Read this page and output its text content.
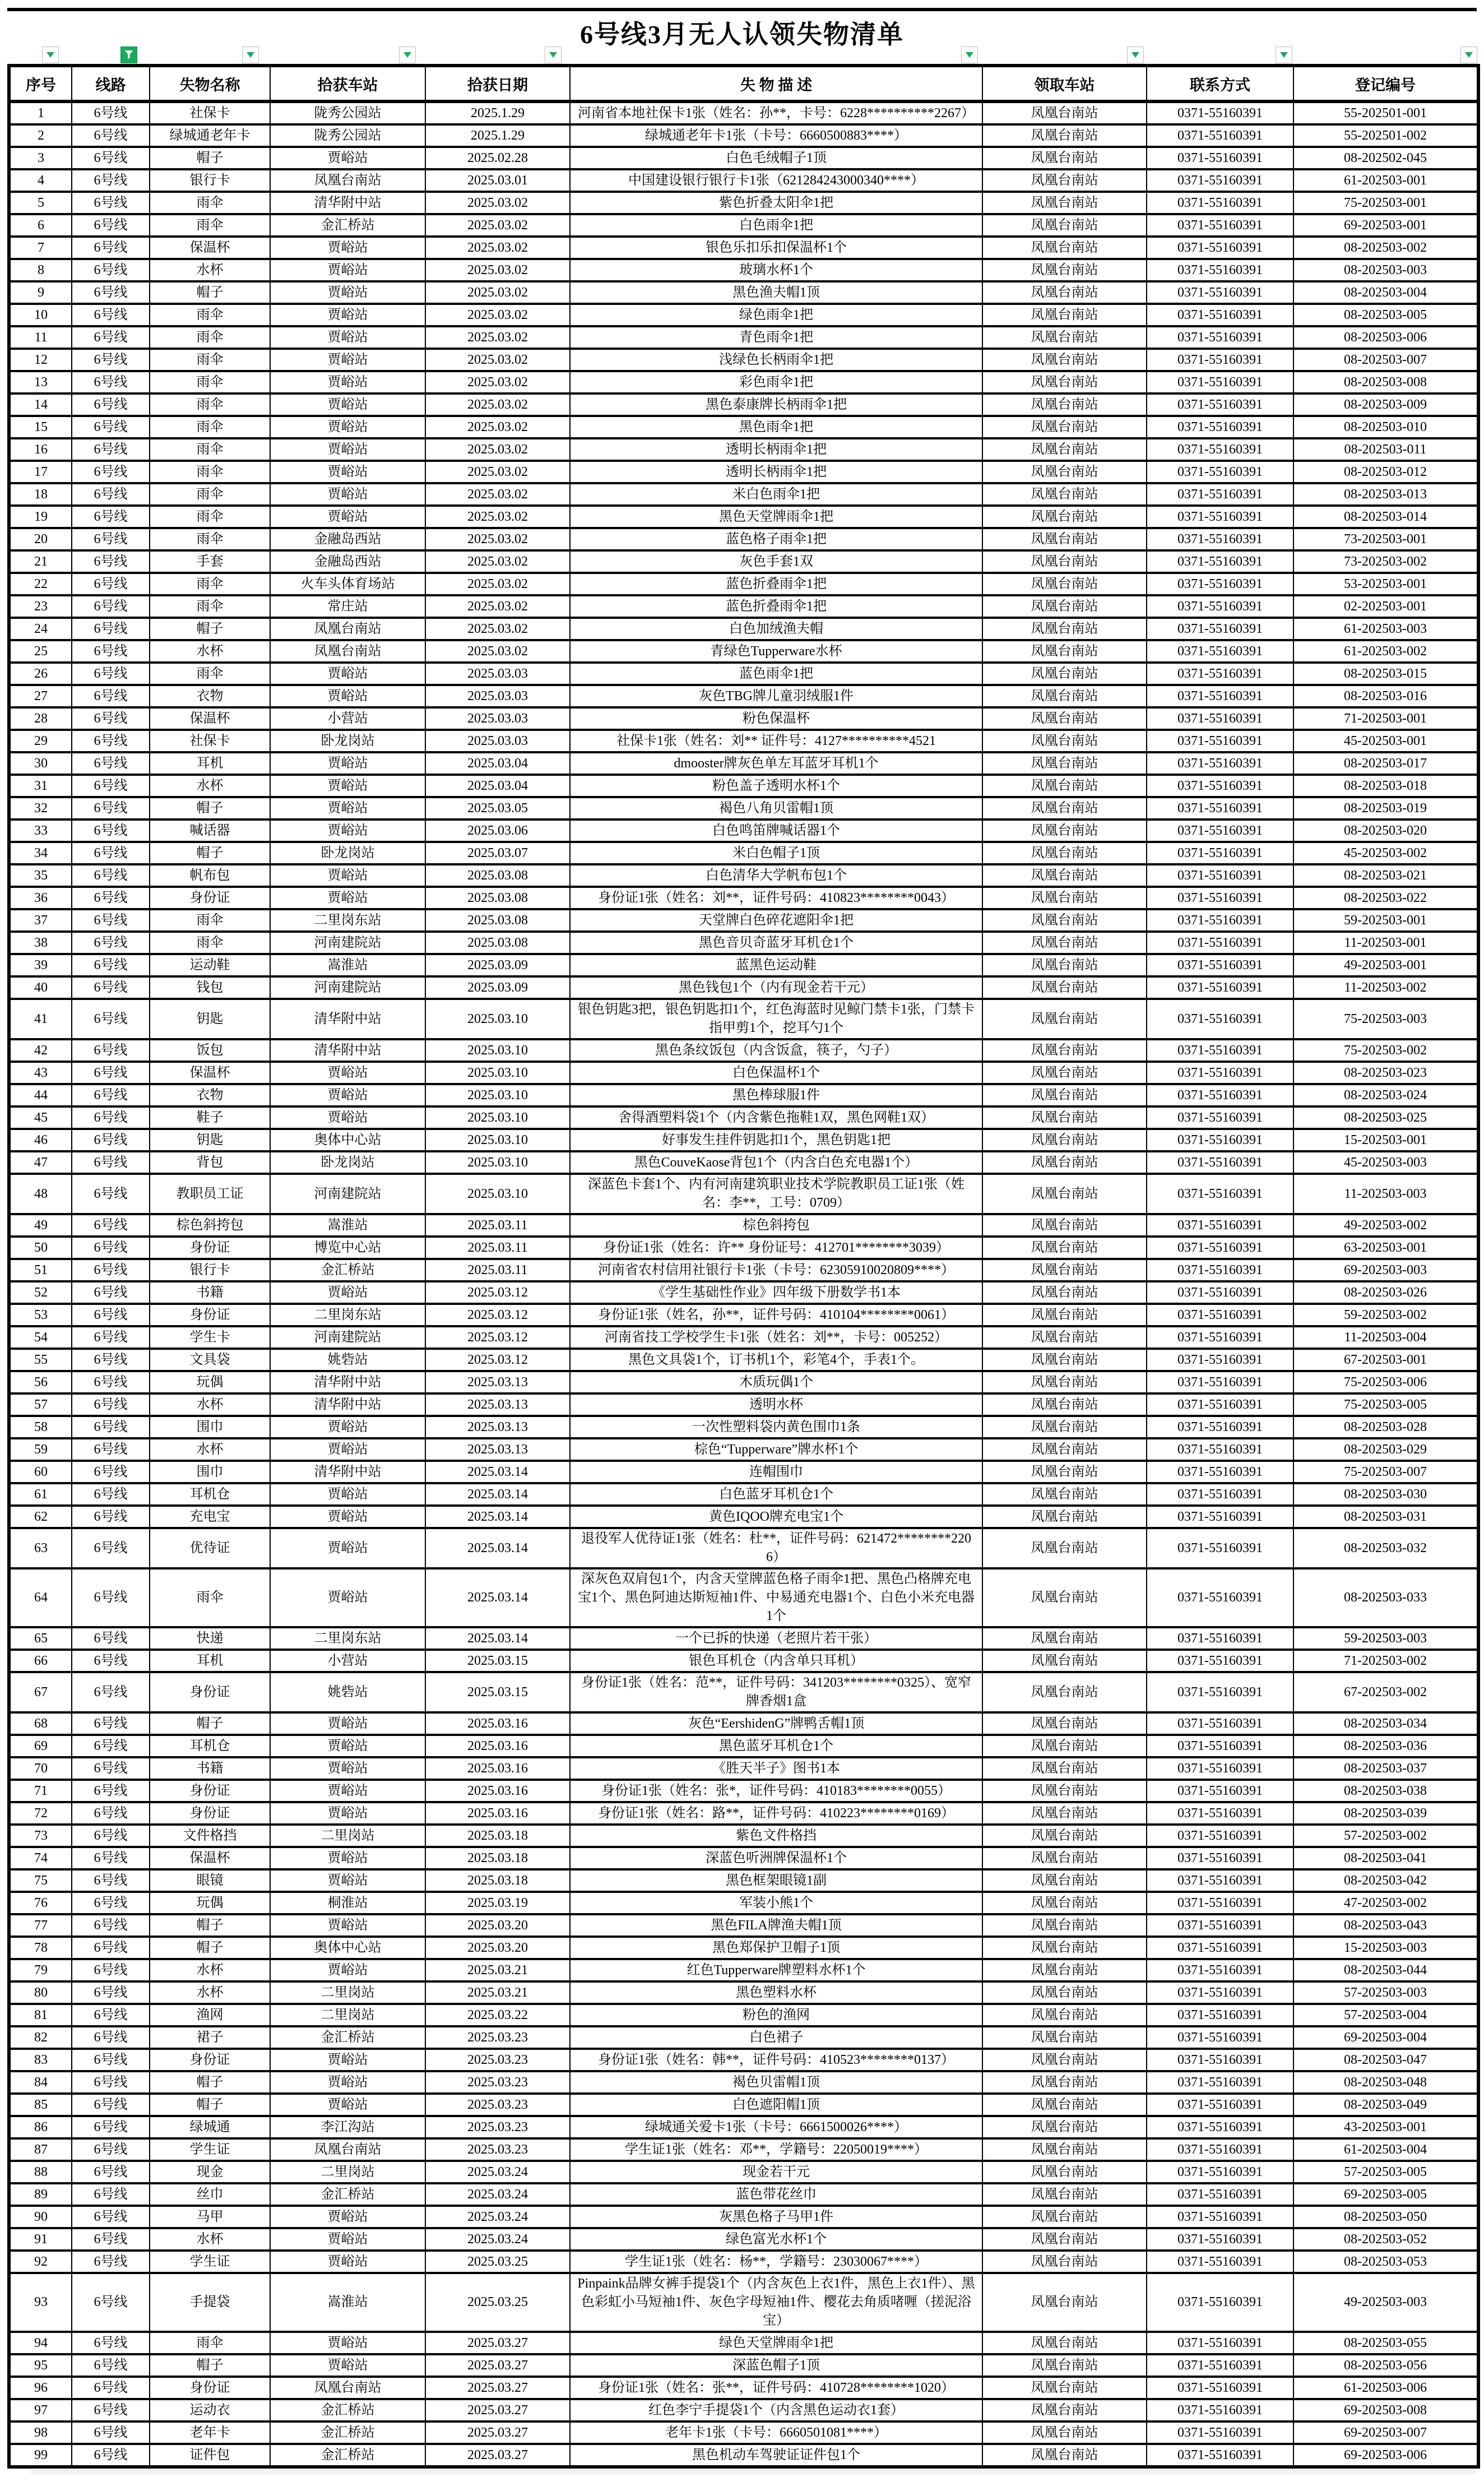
6号线3月无人认领失物清单
序号	线路	失物名称	拾获车站	拾获日期	失 物 描 述	领取车站	联系方式	登记编号
1	6号线	社保卡	陇秀公园站	2025.1.29	河南省本地社保卡1张（姓名：孙**，卡号：6228**********2267）	凤凰台南站	0371-55160391	55-202501-001
2	6号线	绿城通老年卡	陇秀公园站	2025.1.29	绿城通老年卡1张（卡号：6660500883****）	凤凰台南站	0371-55160391	55-202501-002
3	6号线	帽子	贾峪站	2025.02.28	白色毛绒帽子1顶	凤凰台南站	0371-55160391	08-202502-045
4	6号线	银行卡	凤凰台南站	2025.03.01	中国建设银行银行卡1张（621284243000340****）	凤凰台南站	0371-55160391	61-202503-001
5	6号线	雨伞	清华附中站	2025.03.02	紫色折叠太阳伞1把	凤凰台南站	0371-55160391	75-202503-001
6	6号线	雨伞	金汇桥站	2025.03.02	白色雨伞1把	凤凰台南站	0371-55160391	69-202503-001
7	6号线	保温杯	贾峪站	2025.03.02	银色乐扣乐扣保温杯1个	凤凰台南站	0371-55160391	08-202503-002
8	6号线	水杯	贾峪站	2025.03.02	玻璃水杯1个	凤凰台南站	0371-55160391	08-202503-003
9	6号线	帽子	贾峪站	2025.03.02	黑色渔夫帽1顶	凤凰台南站	0371-55160391	08-202503-004
10	6号线	雨伞	贾峪站	2025.03.02	绿色雨伞1把	凤凰台南站	0371-55160391	08-202503-005
11	6号线	雨伞	贾峪站	2025.03.02	青色雨伞1把	凤凰台南站	0371-55160391	08-202503-006
12	6号线	雨伞	贾峪站	2025.03.02	浅绿色长柄雨伞1把	凤凰台南站	0371-55160391	08-202503-007
13	6号线	雨伞	贾峪站	2025.03.02	彩色雨伞1把	凤凰台南站	0371-55160391	08-202503-008
14	6号线	雨伞	贾峪站	2025.03.02	黑色泰康牌长柄雨伞1把	凤凰台南站	0371-55160391	08-202503-009
15	6号线	雨伞	贾峪站	2025.03.02	黑色雨伞1把	凤凰台南站	0371-55160391	08-202503-010
16	6号线	雨伞	贾峪站	2025.03.02	透明长柄雨伞1把	凤凰台南站	0371-55160391	08-202503-011
17	6号线	雨伞	贾峪站	2025.03.02	透明长柄雨伞1把	凤凰台南站	0371-55160391	08-202503-012
18	6号线	雨伞	贾峪站	2025.03.02	米白色雨伞1把	凤凰台南站	0371-55160391	08-202503-013
19	6号线	雨伞	贾峪站	2025.03.02	黑色天堂牌雨伞1把	凤凰台南站	0371-55160391	08-202503-014
20	6号线	雨伞	金融岛西站	2025.03.02	蓝色格子雨伞1把	凤凰台南站	0371-55160391	73-202503-001
21	6号线	手套	金融岛西站	2025.03.02	灰色手套1双	凤凰台南站	0371-55160391	73-202503-002
22	6号线	雨伞	火车头体育场站	2025.03.02	蓝色折叠雨伞1把	凤凰台南站	0371-55160391	53-202503-001
23	6号线	雨伞	常庄站	2025.03.02	蓝色折叠雨伞1把	凤凰台南站	0371-55160391	02-202503-001
24	6号线	帽子	凤凰台南站	2025.03.02	白色加绒渔夫帽	凤凰台南站	0371-55160391	61-202503-003
25	6号线	水杯	凤凰台南站	2025.03.02	青绿色Tupperware水杯	凤凰台南站	0371-55160391	61-202503-002
26	6号线	雨伞	贾峪站	2025.03.03	蓝色雨伞1把	凤凰台南站	0371-55160391	08-202503-015
27	6号线	衣物	贾峪站	2025.03.03	灰色TBG牌儿童羽绒服1件	凤凰台南站	0371-55160391	08-202503-016
28	6号线	保温杯	小营站	2025.03.03	粉色保温杯	凤凰台南站	0371-55160391	71-202503-001
29	6号线	社保卡	卧龙岗站	2025.03.03	社保卡1张（姓名：刘** 证件号：4127**********4521	凤凰台南站	0371-55160391	45-202503-001
30	6号线	耳机	贾峪站	2025.03.04	dmooster牌灰色单左耳蓝牙耳机1个	凤凰台南站	0371-55160391	08-202503-017
31	6号线	水杯	贾峪站	2025.03.04	粉色盖子透明水杯1个	凤凰台南站	0371-55160391	08-202503-018
32	6号线	帽子	贾峪站	2025.03.05	褐色八角贝雷帽1顶	凤凰台南站	0371-55160391	08-202503-019
33	6号线	喊话器	贾峪站	2025.03.06	白色鸣笛牌喊话器1个	凤凰台南站	0371-55160391	08-202503-020
34	6号线	帽子	卧龙岗站	2025.03.07	米白色帽子1顶	凤凰台南站	0371-55160391	45-202503-002
35	6号线	帆布包	贾峪站	2025.03.08	白色清华大学帆布包1个	凤凰台南站	0371-55160391	08-202503-021
36	6号线	身份证	贾峪站	2025.03.08	身份证1张（姓名：刘**，证件号码：410823********0043）	凤凰台南站	0371-55160391	08-202503-022
37	6号线	雨伞	二里岗东站	2025.03.08	天堂牌白色碎花遮阳伞1把	凤凰台南站	0371-55160391	59-202503-001
38	6号线	雨伞	河南建院站	2025.03.08	黑色音贝奇蓝牙耳机仓1个	凤凰台南站	0371-55160391	11-202503-001
39	6号线	运动鞋	嵩淮站	2025.03.09	蓝黑色运动鞋	凤凰台南站	0371-55160391	49-202503-001
40	6号线	钱包	河南建院站	2025.03.09	黑色钱包1个（内有现金若干元）	凤凰台南站	0371-55160391	11-202503-002
41	6号线	钥匙	清华附中站	2025.03.10	银色钥匙3把，银色钥匙扣1个，红色海蓝时见鲸门禁卡1张，门禁卡指甲剪1个，挖耳勺1个	凤凰台南站	0371-55160391	75-202503-003
42	6号线	饭包	清华附中站	2025.03.10	黑色条纹饭包（内含饭盒，筷子，勺子）	凤凰台南站	0371-55160391	75-202503-002
43	6号线	保温杯	贾峪站	2025.03.10	白色保温杯1个	凤凰台南站	0371-55160391	08-202503-023
44	6号线	衣物	贾峪站	2025.03.10	黑色棒球服1件	凤凰台南站	0371-55160391	08-202503-024
45	6号线	鞋子	贾峪站	2025.03.10	舍得酒塑料袋1个（内含紫色拖鞋1双，黑色网鞋1双）	凤凰台南站	0371-55160391	08-202503-025
46	6号线	钥匙	奥体中心站	2025.03.10	好事发生挂件钥匙扣1个，黑色钥匙1把	凤凰台南站	0371-55160391	15-202503-001
47	6号线	背包	卧龙岗站	2025.03.10	黑色CouveKaose背包1个（内含白色充电器1个）	凤凰台南站	0371-55160391	45-202503-003
48	6号线	教职员工证	河南建院站	2025.03.10	深蓝色卡套1个、内有河南建筑职业技术学院教职员工证1张（姓名：李**，工号：0709）	凤凰台南站	0371-55160391	11-202503-003
49	6号线	棕色斜挎包	嵩淮站	2025.03.11	棕色斜挎包	凤凰台南站	0371-55160391	49-202503-002
50	6号线	身份证	博览中心站	2025.03.11	身份证1张（姓名：许** 身份证号：412701********3039）	凤凰台南站	0371-55160391	63-202503-001
51	6号线	银行卡	金汇桥站	2025.03.11	河南省农村信用社银行卡1张（卡号：62305910020809****）	凤凰台南站	0371-55160391	69-202503-003
52	6号线	书籍	贾峪站	2025.03.12	《学生基础性作业》四年级下册数学书1本	凤凰台南站	0371-55160391	08-202503-026
53	6号线	身份证	二里岗东站	2025.03.12	身份证1张（姓名，孙**，证件号码：410104********0061）	凤凰台南站	0371-55160391	59-202503-002
54	6号线	学生卡	河南建院站	2025.03.12	河南省技工学校学生卡1张（姓名：刘**，卡号：005252）	凤凰台南站	0371-55160391	11-202503-004
55	6号线	文具袋	姚砦站	2025.03.12	黑色文具袋1个，订书机1个，彩笔4个，手表1个。	凤凰台南站	0371-55160391	67-202503-001
56	6号线	玩偶	清华附中站	2025.03.13	木质玩偶1个	凤凰台南站	0371-55160391	75-202503-006
57	6号线	水杯	清华附中站	2025.03.13	透明水杯	凤凰台南站	0371-55160391	75-202503-005
58	6号线	围巾	贾峪站	2025.03.13	一次性塑料袋内黄色围巾1条	凤凰台南站	0371-55160391	08-202503-028
59	6号线	水杯	贾峪站	2025.03.13	棕色“Tupperware”牌水杯1个	凤凰台南站	0371-55160391	08-202503-029
60	6号线	围巾	清华附中站	2025.03.14	连帽围巾	凤凰台南站	0371-55160391	75-202503-007
61	6号线	耳机仓	贾峪站	2025.03.14	白色蓝牙耳机仓1个	凤凰台南站	0371-55160391	08-202503-030
62	6号线	充电宝	贾峪站	2025.03.14	黄色IQOO牌充电宝1个	凤凰台南站	0371-55160391	08-202503-031
63	6号线	优待证	贾峪站	2025.03.14	退役军人优待证1张（姓名：杜**，证件号码：621472********2206）	凤凰台南站	0371-55160391	08-202503-032
64	6号线	雨伞	贾峪站	2025.03.14	深灰色双肩包1个，内含天堂牌蓝色格子雨伞1把、黑色凸格牌充电宝1个、黑色阿迪达斯短袖1件、中易通充电器1个、白色小米充电器1个	凤凰台南站	0371-55160391	08-202503-033
65	6号线	快递	二里岗东站	2025.03.14	一个已拆的快递（老照片若干张）	凤凰台南站	0371-55160391	59-202503-003
66	6号线	耳机	小营站	2025.03.15	银色耳机仓（内含单只耳机）	凤凰台南站	0371-55160391	71-202503-002
67	6号线	身份证	姚砦站	2025.03.15	身份证1张（姓名：范**，证件号码：341203********0325）、宽窄牌香烟1盒	凤凰台南站	0371-55160391	67-202503-002
68	6号线	帽子	贾峪站	2025.03.16	灰色“EershidenG”牌鸭舌帽1顶	凤凰台南站	0371-55160391	08-202503-034
69	6号线	耳机仓	贾峪站	2025.03.16	黑色蓝牙耳机仓1个	凤凰台南站	0371-55160391	08-202503-036
70	6号线	书籍	贾峪站	2025.03.16	《胜天半子》图书1本	凤凰台南站	0371-55160391	08-202503-037
71	6号线	身份证	贾峪站	2025.03.16	身份证1张（姓名：张*，证件号码：410183********0055）	凤凰台南站	0371-55160391	08-202503-038
72	6号线	身份证	贾峪站	2025.03.16	身份证1张（姓名：路**，证件号码：410223********0169）	凤凰台南站	0371-55160391	08-202503-039
73	6号线	文件格挡	二里岗站	2025.03.18	紫色文件格挡	凤凰台南站	0371-55160391	57-202503-002
74	6号线	保温杯	贾峪站	2025.03.18	深蓝色听洲牌保温杯1个	凤凰台南站	0371-55160391	08-202503-041
75	6号线	眼镜	贾峪站	2025.03.18	黑色框架眼镜1副	凤凰台南站	0371-55160391	08-202503-042
76	6号线	玩偶	桐淮站	2025.03.19	军装小熊1个	凤凰台南站	0371-55160391	47-202503-002
77	6号线	帽子	贾峪站	2025.03.20	黑色FILA牌渔夫帽1顶	凤凰台南站	0371-55160391	08-202503-043
78	6号线	帽子	奥体中心站	2025.03.20	黑色郑保护卫帽子1顶	凤凰台南站	0371-55160391	15-202503-003
79	6号线	水杯	贾峪站	2025.03.21	红色Tupperware牌塑料水杯1个	凤凰台南站	0371-55160391	08-202503-044
80	6号线	水杯	二里岗站	2025.03.21	黑色塑料水杯	凤凰台南站	0371-55160391	57-202503-003
81	6号线	渔网	二里岗站	2025.03.22	粉色的渔网	凤凰台南站	0371-55160391	57-202503-004
82	6号线	裙子	金汇桥站	2025.03.23	白色裙子	凤凰台南站	0371-55160391	69-202503-004
83	6号线	身份证	贾峪站	2025.03.23	身份证1张（姓名：韩**，证件号码：410523********0137）	凤凰台南站	0371-55160391	08-202503-047
84	6号线	帽子	贾峪站	2025.03.23	褐色贝雷帽1顶	凤凰台南站	0371-55160391	08-202503-048
85	6号线	帽子	贾峪站	2025.03.23	白色遮阳帽1顶	凤凰台南站	0371-55160391	08-202503-049
86	6号线	绿城通	李江沟站	2025.03.23	绿城通关爱卡1张（卡号：6661500026****）	凤凰台南站	0371-55160391	43-202503-001
87	6号线	学生证	凤凰台南站	2025.03.23	学生证1张（姓名：邓**，学籍号：22050019****）	凤凰台南站	0371-55160391	61-202503-004
88	6号线	现金	二里岗站	2025.03.24	现金若干元	凤凰台南站	0371-55160391	57-202503-005
89	6号线	丝巾	金汇桥站	2025.03.24	蓝色带花丝巾	凤凰台南站	0371-55160391	69-202503-005
90	6号线	马甲	贾峪站	2025.03.24	灰黑色格子马甲1件	凤凰台南站	0371-55160391	08-202503-050
91	6号线	水杯	贾峪站	2025.03.24	绿色富光水杯1个	凤凰台南站	0371-55160391	08-202503-052
92	6号线	学生证	贾峪站	2025.03.25	学生证1张（姓名：杨**，学籍号：23030067****）	凤凰台南站	0371-55160391	08-202503-053
93	6号线	手提袋	嵩淮站	2025.03.25	Pinpaink品牌女裤手提袋1个（内含灰色上衣1件，黑色上衣1件）、黑色彩虹小马短袖1件、灰色字母短袖1件、樱花去角质啫喱（搓泥浴宝）	凤凰台南站	0371-55160391	49-202503-003
94	6号线	雨伞	贾峪站	2025.03.27	绿色天堂牌雨伞1把	凤凰台南站	0371-55160391	08-202503-055
95	6号线	帽子	贾峪站	2025.03.27	深蓝色帽子1顶	凤凰台南站	0371-55160391	08-202503-056
96	6号线	身份证	凤凰台南站	2025.03.27	身份证1张（姓名：张**，证件号码：410728********1020）	凤凰台南站	0371-55160391	61-202503-006
97	6号线	运动衣	金汇桥站	2025.03.27	红色李宁手提袋1个（内含黑色运动衣1套）	凤凰台南站	0371-55160391	69-202503-008
98	6号线	老年卡	金汇桥站	2025.03.27	老年卡1张（卡号：6660501081****）	凤凰台南站	0371-55160391	69-202503-007
99	6号线	证件包	金汇桥站	2025.03.27	黑色机动车驾驶证证件包1个	凤凰台南站	0371-55160391	69-202503-006
